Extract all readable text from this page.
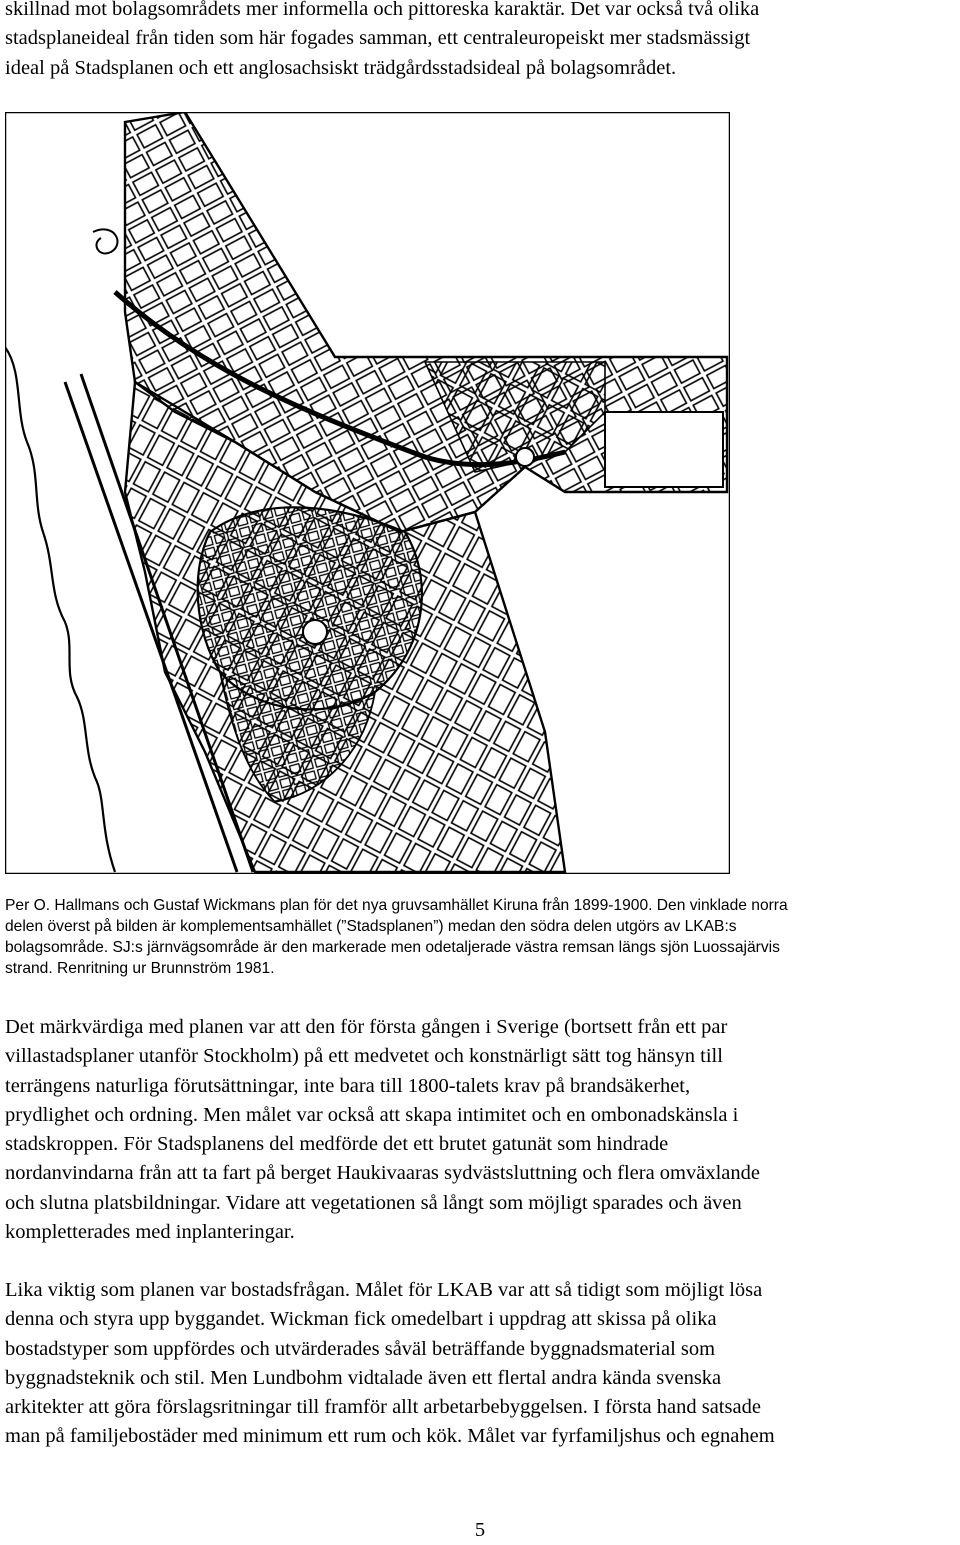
skillnad mot bolagsområdets mer informella och pittoreska karaktär. Det var också två olika
stadsplaneideal från tiden som här fogades samman, ett centraleuropeiskt mer stadsmässigt
ideal på Stadsplanen och ett anglosachsiskt trädgårdsstadsideal på bolagsområdet.

Per O. Hallmans och Gustaf Wickmans plan för det nya gruvsamhället Kiruna från 1899-1900. Den vinklade norra
delen överst på bilden är komplementsamhället (”Stadsplanen”) medan den södra delen utgörs av LKAB:s
bolagsområde. SJ:s järnvägsområde är den markerade men odetaljerade västra remsan längs sjön Luossajärvis
strand. Renritning ur Brunnström 1981.

Det märkvärdiga med planen var att den för första gången i Sverige (bortsett från ett par
villastadsplaner utanför Stockholm) på ett medvetet och konstnärligt sätt tog hänsyn till
terrängens naturliga förutsättningar, inte bara till 1800-talets krav på brandsäkerhet,
prydlighet och ordning. Men målet var också att skapa intimitet och en ombonadskänsla i
stadskroppen. För Stadsplanens del medförde det ett brutet gatunät som hindrade
nordanvindarna från att ta fart på berget Haukivaaras sydvästsluttning och flera omväxlande
och slutna platsbildningar. Vidare att vegetationen så långt som möjligt sparades och även
kompletterades med inplanteringar.

Lika viktig som planen var bostadsfrågan. Målet för LKAB var att så tidigt som möjligt lösa
denna och styra upp byggandet. Wickman fick omedelbart i uppdrag att skissa på olika
bostadstyper som uppfördes och utvärderades såväl beträffande byggnadsmaterial som
byggnadsteknik och stil. Men Lundbohm vidtalade även ett flertal andra kända svenska
arkitekter att göra förslagsritningar till framför allt arbetarbebyggelsen. I första hand satsade
man på familjebostäder med minimum ett rum och kök. Målet var fyrfamiljshus och egnahem

5
